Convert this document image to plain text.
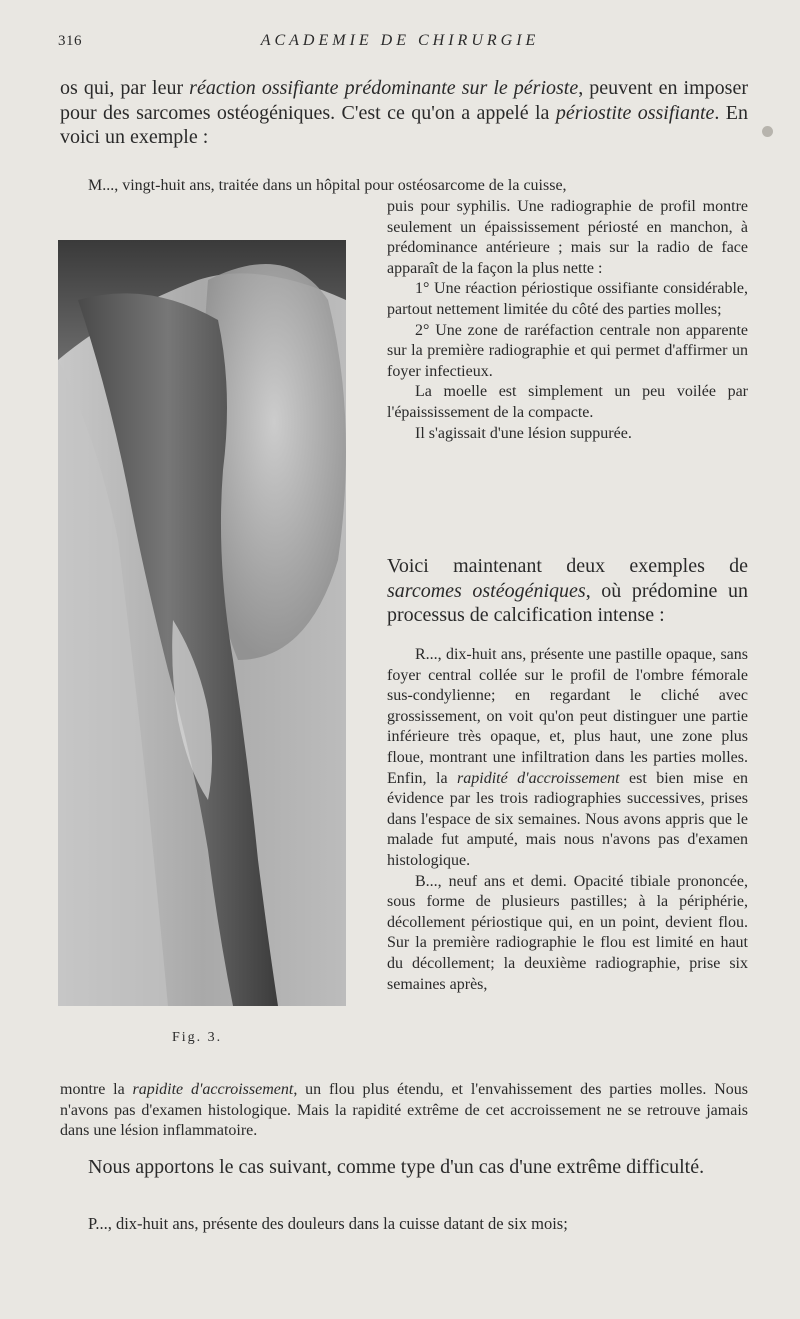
316	ACADEMIE DE CHIRURGIE

os qui, par leur réaction ossifiante prédominante sur le périoste, peuvent en imposer pour des sarcomes ostéogéniques. C'est ce qu'on a appelé la périostite ossifiante. En voici un exemple :

M..., vingt-huit ans, traitée dans un hôpital pour ostéosarcome de la cuisse,

puis pour syphilis. Une radiographie de profil montre seulement un épaississement périosté en manchon, à prédominance antérieure ; mais sur la radio de face apparaît de la façon la plus nette :

1° Une réaction périostique ossifiante considérable, partout nettement limitée du côté des parties molles;

2° Une zone de raréfaction centrale non apparente sur la première radiographie et qui permet d'affirmer un foyer infectieux.

La moelle est simplement un peu voilée par l'épaississement de la compacte.

Il s'agissait d'une lésion suppurée.

Fig. 3.

Voici maintenant deux exemples de sarcomes ostéogéniques, où prédomine un processus de calcification intense :

R..., dix-huit ans, présente une pastille opaque, sans foyer central collée sur le profil de l'ombre fémorale sus-condylienne; en regardant le cliché avec grossissement, on voit qu'on peut distinguer une partie inférieure très opaque, et, plus haut, une zone plus floue, montrant une infiltration dans les parties molles. Enfin, la rapidité d'accroissement est bien mise en évidence par les trois radiographies successives, prises dans l'espace de six semaines. Nous avons appris que le malade fut amputé, mais nous n'avons pas d'examen histologique.

B..., neuf ans et demi. Opacité tibiale prononcée, sous forme de plusieurs pastilles; à la périphérie, décollement périostique qui, en un point, devient flou. Sur la première radiographie le flou est limité en haut du décollement; la deuxième radiographie, prise six semaines après,

montre la rapidite d'accroissement, un flou plus étendu, et l'envahissement des parties molles. Nous n'avons pas d'examen histologique. Mais la rapidité extrême de cet accroissement ne se retrouve jamais dans une lésion inflammatoire.

Nous apportons le cas suivant, comme type d'un cas d'une extrême difficulté.

P..., dix-huit ans, présente des douleurs dans la cuisse datant de six mois;
